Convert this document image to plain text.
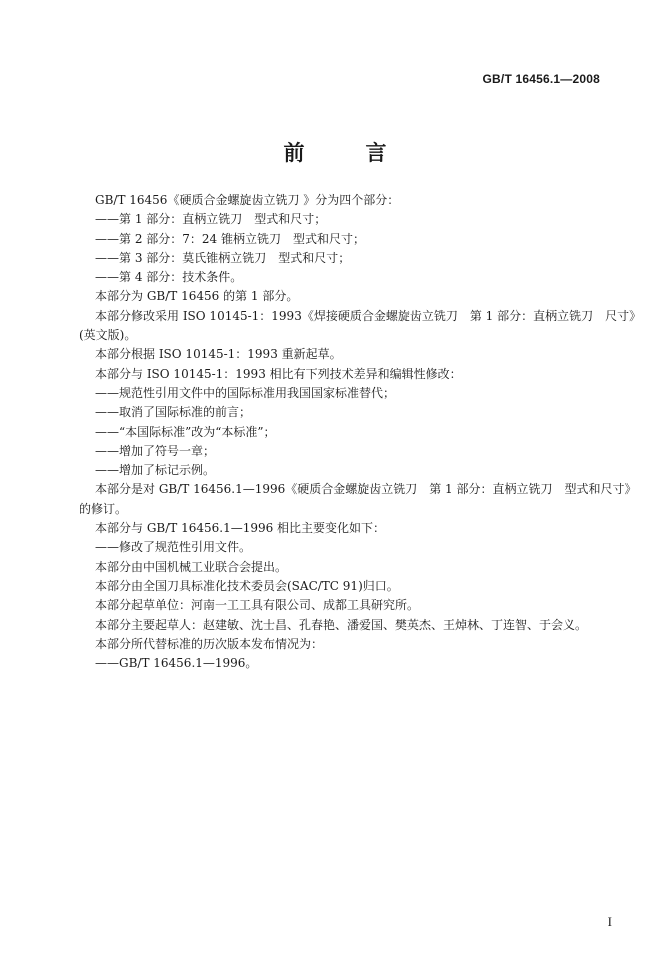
GB/T 16456.1—2008
前　言

GB/T 16456《硬质合金螺旋齿立铣刀 》分为四个部分：

——第 1 部分：直柄立铣刀　型式和尺寸；

——第 2 部分：7：24 锥柄立铣刀　型式和尺寸；

——第 3 部分：莫氏锥柄立铣刀　型式和尺寸；

——第 4 部分：技术条件。

本部分为 GB/T 16456 的第 1 部分。

本部分修改采用 ISO 10145-1：1993《焊接硬质合金螺旋齿立铣刀　第 1 部分：直柄立铣刀　尺寸》

(英文版)。

本部分根据 ISO 10145-1：1993 重新起草。

本部分与 ISO 10145-1：1993 相比有下列技术差异和编辑性修改：

——规范性引用文件中的国际标准用我国国家标准替代；

——取消了国际标准的前言；

——“本国际标准”改为“本标准”；

——增加了符号一章；

——增加了标记示例。

本部分是对 GB/T 16456.1—1996《硬质合金螺旋齿立铣刀　第 1 部分：直柄立铣刀　型式和尺寸》

的修订。

本部分与 GB/T 16456.1—1996 相比主要变化如下：

——修改了规范性引用文件。

本部分由中国机械工业联合会提出。

本部分由全国刀具标准化技术委员会(SAC/TC 91)归口。

本部分起草单位：河南一工工具有限公司、成都工具研究所。

本部分主要起草人：赵建敏、沈士昌、孔春艳、潘爱国、樊英杰、王焯林、丁连智、于会义。

本部分所代替标准的历次版本发布情况为：

——GB/T 16456.1—1996。

I
